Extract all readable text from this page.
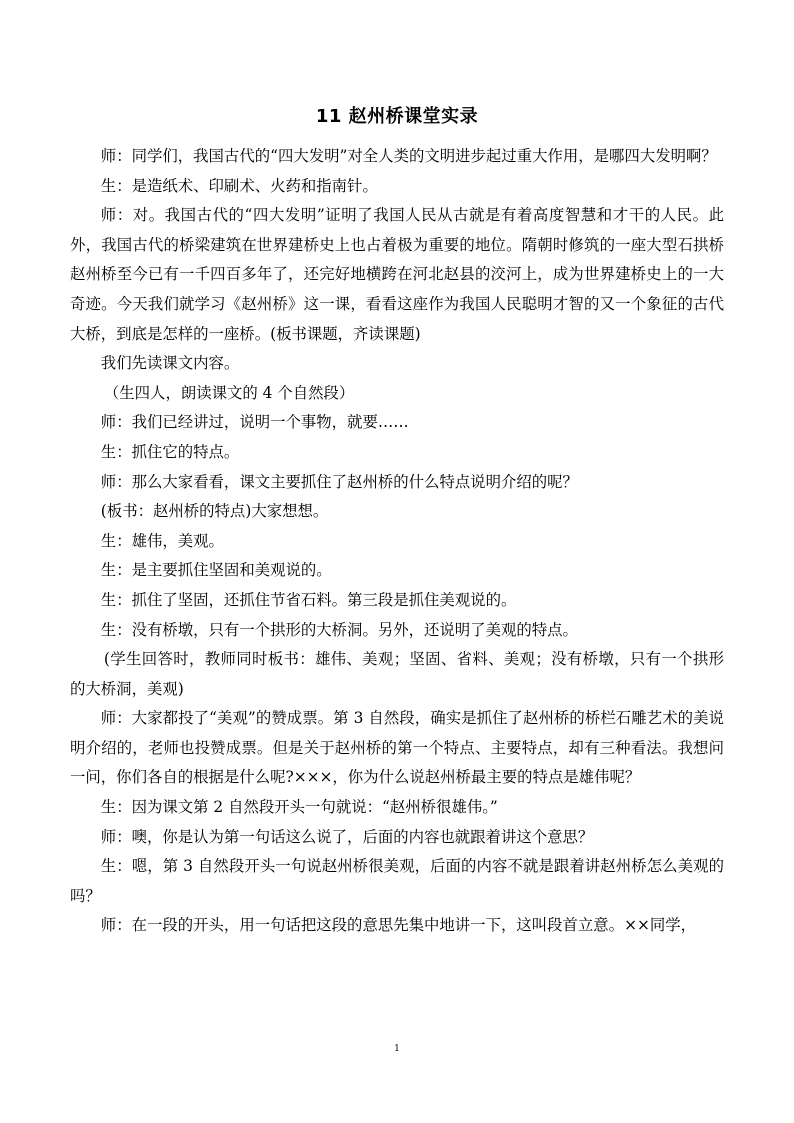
11 赵州桥课堂实录

师：同学们，我国古代的“四大发明”对全人类的文明进步起过重大作用，是哪四大发明啊？

生：是造纸术、印刷术、火药和指南针。

师：对。我国古代的“四大发明”证明了我国人民从古就是有着高度智慧和才干的人民。此外，我国古代的桥梁建筑在世界建桥史上也占着极为重要的地位。隋朝时修筑的一座大型石拱桥赵州桥至今已有一千四百多年了，还完好地横跨在河北赵县的洨河上，成为世界建桥史上的一大奇迹。今天我们就学习《赵州桥》这一课，看看这座作为我国人民聪明才智的又一个象征的古代大桥，到底是怎样的一座桥。(板书课题，齐读课题)

我们先读课文内容。

（生四人，朗读课文的 4 个自然段）

师：我们已经讲过，说明一个事物，就要……

生：抓住它的特点。

师：那么大家看看，课文主要抓住了赵州桥的什么特点说明介绍的呢？

(板书：赵州桥的特点)大家想想。

生：雄伟，美观。

生：是主要抓住坚固和美观说的。

生：抓住了坚固，还抓住节省石料。第三段是抓住美观说的。

生：没有桥墩，只有一个拱形的大桥洞。另外，还说明了美观的特点。

(学生回答时，教师同时板书：雄伟、美观；坚固、省料、美观；没有桥墩，只有一个拱形的大桥洞，美观)

师：大家都投了“美观”的赞成票。第 3 自然段，确实是抓住了赵州桥的桥栏石雕艺术的美说明介绍的，老师也投赞成票。但是关于赵州桥的第一个特点、主要特点，却有三种看法。我想问一问，你们各自的根据是什么呢?×××，你为什么说赵州桥最主要的特点是雄伟呢？

生：因为课文第 2 自然段开头一句就说：“赵州桥很雄伟。”

师：噢，你是认为第一句话这么说了，后面的内容也就跟着讲这个意思？

生：嗯，第 3 自然段开头一句说赵州桥很美观，后面的内容不就是跟着讲赵州桥怎么美观的吗？

师：在一段的开头，用一句话把这段的意思先集中地讲一下，这叫段首立意。××同学，

1
